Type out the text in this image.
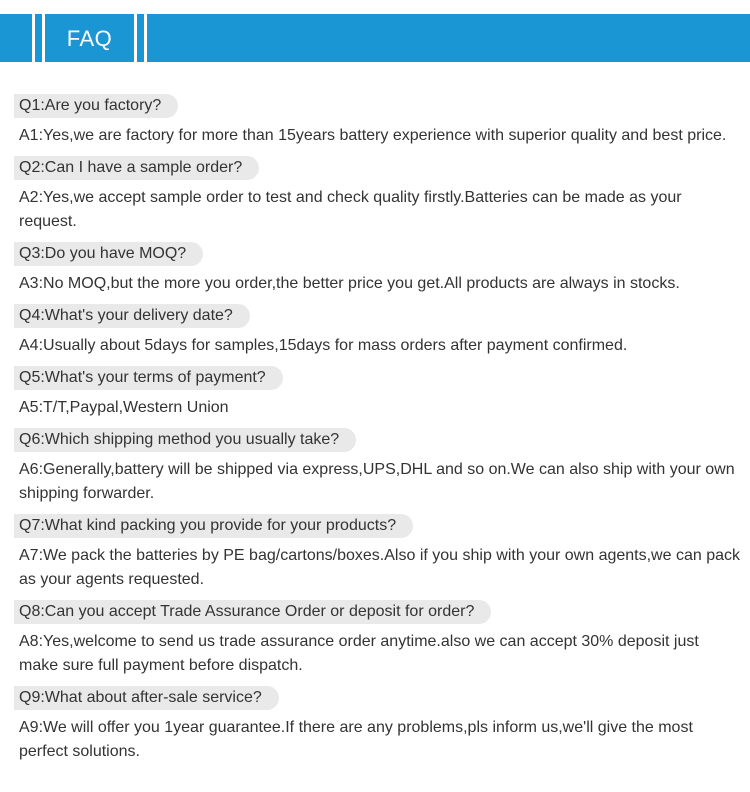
FAQ
Q1:Are you factory?
A1:Yes,we are factory for more than 15years battery experience with superior quality and best price.
Q2:Can I have a sample order?
A2:Yes,we accept sample order to test and check quality firstly.Batteries can be made as your request.
Q3:Do you have MOQ?
A3:No MOQ,but the more you order,the better price you get.All products are always in stocks.
Q4:What's your delivery date?
A4:Usually about 5days for samples,15days for mass orders after payment confirmed.
Q5:What's your terms of payment?
A5:T/T,Paypal,Western Union
Q6:Which shipping method you usually take?
A6:Generally,battery will be shipped via express,UPS,DHL and so on.We can also ship with your own shipping forwarder.
Q7:What kind packing you provide for your products?
A7:We pack the batteries by PE bag/cartons/boxes.Also if you ship with your own agents,we can pack as your agents requested.
Q8:Can you accept Trade Assurance Order or deposit for order?
A8:Yes,welcome to send us trade assurance order anytime.also we can accept 30% deposit just make sure full payment before dispatch.
Q9:What about after-sale service?
A9:We will offer you 1year guarantee.If there are any problems,pls inform us,we'll give the most perfect solutions.
